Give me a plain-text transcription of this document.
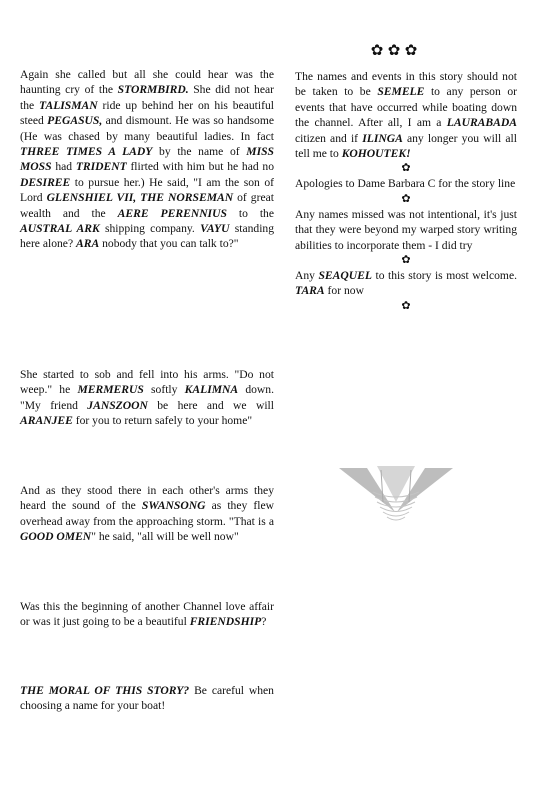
Again she called but all she could hear was the haunting cry of the STORMBIRD. She did not hear the TALISMAN ride up behind her on his beautiful steed PEGASUS, and dismount. He was so handsome (He was chased by many beautiful ladies. In fact THREE TIMES A LADY by the name of MISS MOSS had TRIDENT flirted with him but he had no DESIREE to pursue her.) He said, "I am the son of Lord GLENSHIEL VII, THE NORSEMAN of great wealth and the AERE PERENNIUS to the AUSTRAL ARK shipping company. VAYU standing here alone? ARA nobody that you can talk to?"

She started to sob and fell into his arms. "Do not weep." he MERMERUS softly KALIMNA down. "My friend JANSZOON be here and we will ARANJEE for you to return safely to your home"

And as they stood there in each other's arms they heard the sound of the SWANSONG as they flew overhead away from the approaching storm. "That is a GOOD OMEN" he said, "all will be well now"

Was this the beginning of another Channel love affair or was it just going to be a beautiful FRIENDSHIP?

THE MORAL OF THIS STORY? Be careful when choosing a name for your boat!

✿ ✿ ✿

The names and events in this story should not be taken to be SEMELE to any person or events that have occurred while boating down the channel. After all, I am a LAURABADA citizen and if ILINGA any longer you will all tell me to KOHOUTEK!

✿

Apologies to Dame Barbara C for the story line

✿

Any names missed was not intentional, it's just that they were beyond my warped story writing abilities to incorporate them - I did try

✿

Any SEAQUEL to this story is most welcome. TARA for now

✿
